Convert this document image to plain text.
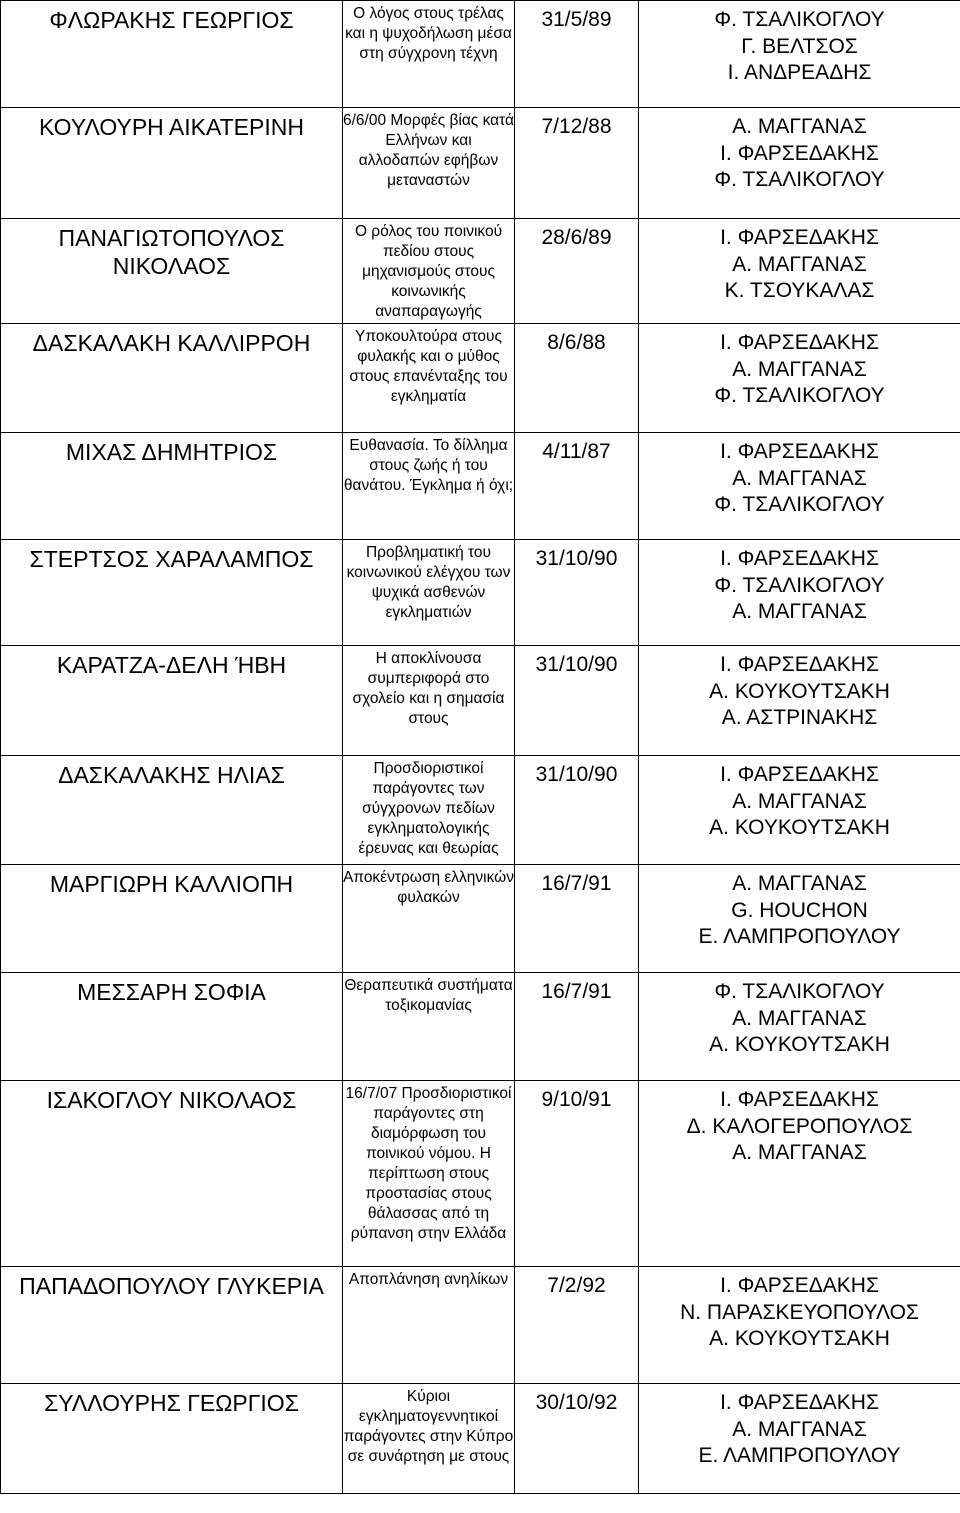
ΦΛΩΡΑΚΗΣ ΓΕΩΡΓΙΟΣ	Ο λόγος στους τρέλας και η ψυχοδήλωση μέσα στη σύγχρονη τέχνη	31/5/89	Φ. ΤΣΑΛΙΚΟΓΛΟΥ
Γ. ΒΕΛΤΣΟΣ
Ι. ΑΝΔΡΕΑΔΗΣ

ΚΟΥΛΟΥΡΗ ΑΙΚΑΤΕΡΙΝΗ	6/6/00 Μορφές βίας κατά Ελλήνων και αλλοδαπών εφήβων μεταναστών	7/12/88	Α. ΜΑΓΓΑΝΑΣ
Ι. ΦΑΡΣΕΔΑΚΗΣ
Φ. ΤΣΑΛΙΚΟΓΛΟΥ

ΠΑΝΑΓΙΩΤΟΠΟΥΛΟΣ ΝΙΚΟΛΑΟΣ	Ο ρόλος του ποινικού πεδίου στους μηχανισμούς στους κοινωνικής αναπαραγωγής	28/6/89	Ι. ΦΑΡΣΕΔΑΚΗΣ
Α. ΜΑΓΓΑΝΑΣ
Κ. ΤΣΟΥΚΑΛΑΣ

ΔΑΣΚΑΛΑΚΗ ΚΑΛΛΙΡΡΟΗ	Υποκουλτούρα στους φυλακής και ο μύθος στους επανένταξης του εγκληματία	8/6/88	Ι. ΦΑΡΣΕΔΑΚΗΣ
Α. ΜΑΓΓΑΝΑΣ
Φ. ΤΣΑΛΙΚΟΓΛΟΥ

ΜΙΧΑΣ ΔΗΜΗΤΡΙΟΣ	Ευθανασία. Το δίλλημα στους ζωής ή του θανάτου. Έγκλημα ή όχι;	4/11/87	Ι. ΦΑΡΣΕΔΑΚΗΣ
Α. ΜΑΓΓΑΝΑΣ
Φ. ΤΣΑΛΙΚΟΓΛΟΥ

ΣΤΕΡΤΣΟΣ ΧΑΡΑΛΑΜΠΟΣ	Προβληματική του κοινωνικού ελέγχου των ψυχικά ασθενών εγκληματιών	31/10/90	Ι. ΦΑΡΣΕΔΑΚΗΣ
Φ. ΤΣΑΛΙΚΟΓΛΟΥ
Α. ΜΑΓΓΑΝΑΣ

ΚΑΡΑΤΖΑ-ΔΕΛΗ ΉΒΗ	Η αποκλίνουσα συμπεριφορά στο σχολείο και η σημασία στους	31/10/90	Ι. ΦΑΡΣΕΔΑΚΗΣ
Α. ΚΟΥΚΟΥΤΣΑΚΗ
Α. ΑΣΤΡΙΝΑΚΗΣ

ΔΑΣΚΑΛΑΚΗΣ ΗΛΙΑΣ	Προσδιοριστικοί παράγοντες των σύγχρονων πεδίων εγκληματολογικής έρευνας και θεωρίας	31/10/90	Ι. ΦΑΡΣΕΔΑΚΗΣ
Α. ΜΑΓΓΑΝΑΣ
Α. ΚΟΥΚΟΥΤΣΑΚΗ

ΜΑΡΓΙΩΡΗ ΚΑΛΛΙΟΠΗ	Αποκέντρωση ελληνικών φυλακών	16/7/91	Α. ΜΑΓΓΑΝΑΣ
G. HOUCHON
Ε. ΛΑΜΠΡΟΠΟΥΛΟΥ

ΜΕΣΣΑΡΗ ΣΟΦΙΑ	Θεραπευτικά συστήματα τοξικομανίας	16/7/91	Φ. ΤΣΑΛΙΚΟΓΛΟΥ
Α. ΜΑΓΓΑΝΑΣ
Α. ΚΟΥΚΟΥΤΣΑΚΗ

ΙΣΑΚΟΓΛΟΥ ΝΙΚΟΛΑΟΣ	16/7/07 Προσδιοριστικοί παράγοντες στη διαμόρφωση του ποινικού νόμου. Η περίπτωση στους προστασίας στους θάλασσας από τη ρύπανση στην Ελλάδα	9/10/91	Ι. ΦΑΡΣΕΔΑΚΗΣ
Δ. ΚΑΛΟΓΕΡΟΠΟΥΛΟΣ
Α. ΜΑΓΓΑΝΑΣ

ΠΑΠΑΔΟΠΟΥΛΟΥ ΓΛΥΚΕΡΙΑ	Αποπλάνηση ανηλίκων	7/2/92	Ι. ΦΑΡΣΕΔΑΚΗΣ
Ν. ΠΑΡΑΣΚΕΥΟΠΟΥΛΟΣ
Α. ΚΟΥΚΟΥΤΣΑΚΗ

ΣΥΛΛΟΥΡΗΣ ΓΕΩΡΓΙΟΣ	Κύριοι εγκληματογεννητικοί παράγοντες στην Κύπρο σε συνάρτηση με στους	30/10/92	Ι. ΦΑΡΣΕΔΑΚΗΣ
Α. ΜΑΓΓΑΝΑΣ
Ε. ΛΑΜΠΡΟΠΟΥΛΟΥ
